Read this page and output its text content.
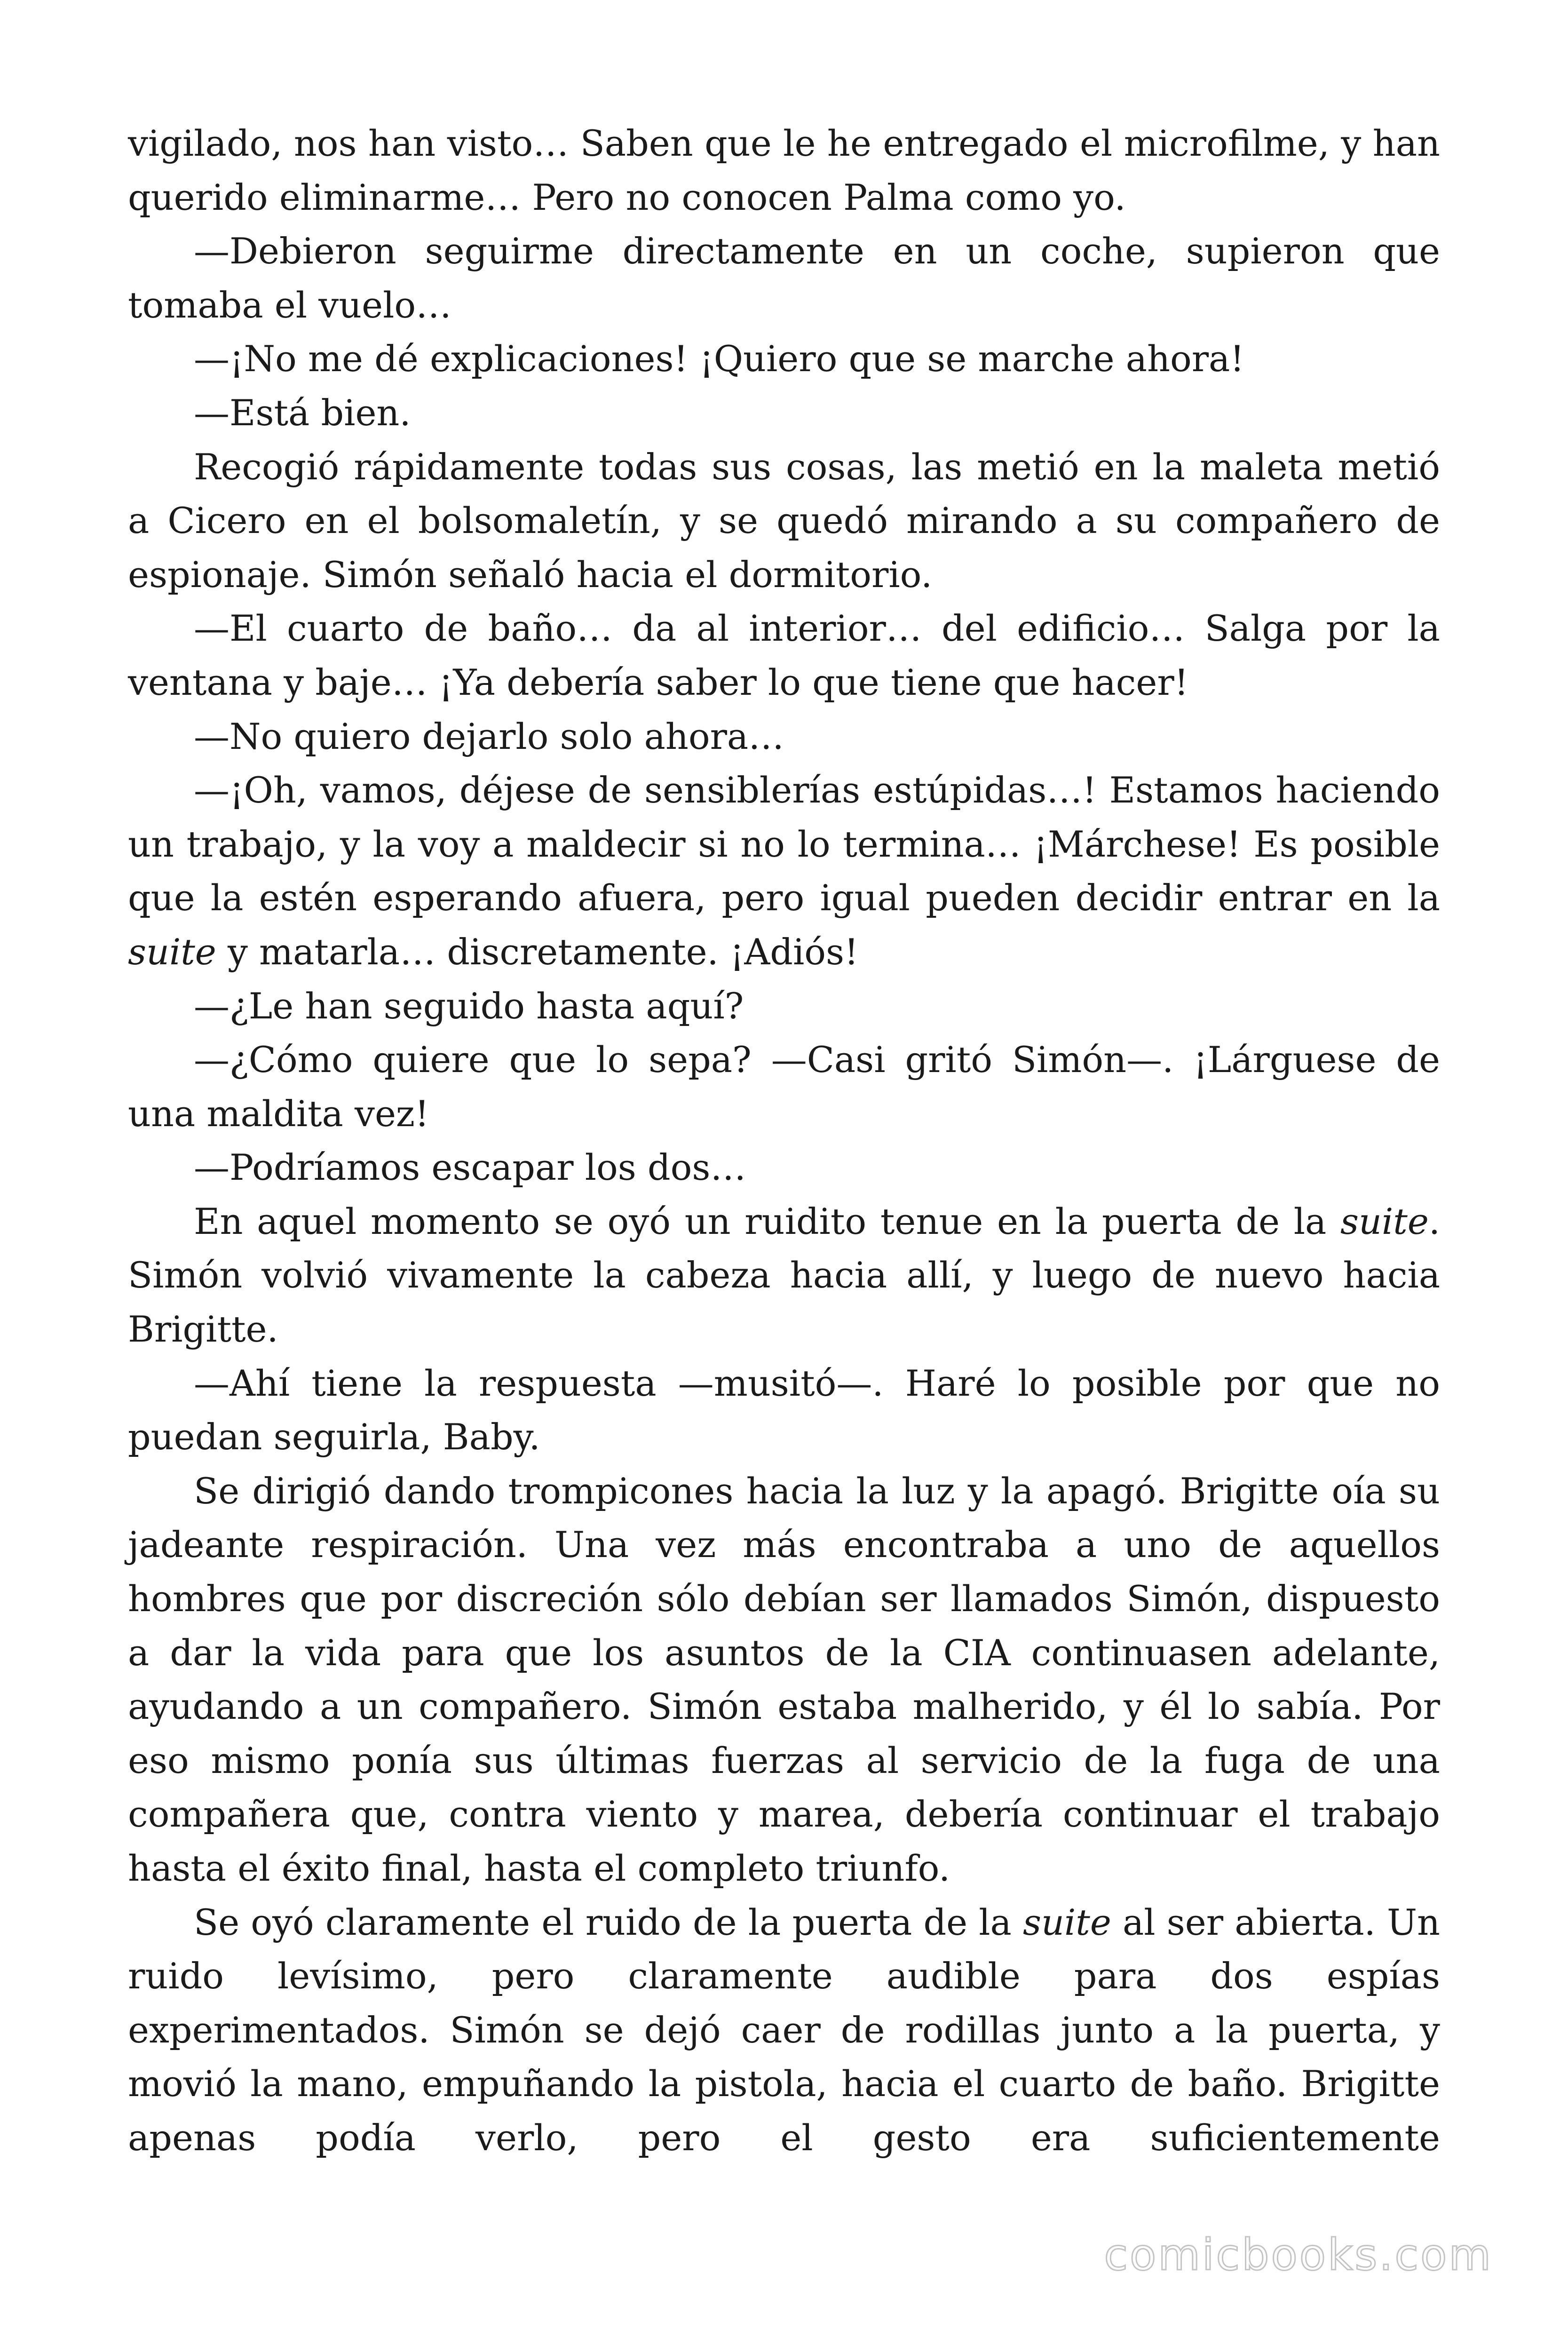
vigilado, nos han visto… Saben que le he entregado el microfilme, y han querido eliminarme… Pero no conocen Palma como yo.

—Debieron seguirme directamente en un coche, supieron que tomaba el vuelo…

—¡No me dé explicaciones! ¡Quiero que se marche ahora!

—Está bien.

Recogió rápidamente todas sus cosas, las metió en la maleta metió a Cicero en el bolsomaletín, y se quedó mirando a su compañero de espionaje. Simón señaló hacia el dormitorio.

—El cuarto de baño… da al interior… del edificio… Salga por la ventana y baje… ¡Ya debería saber lo que tiene que hacer!

—No quiero dejarlo solo ahora…

—¡Oh, vamos, déjese de sensiblerías estúpidas…! Estamos haciendo un trabajo, y la voy a maldecir si no lo termina… ¡Márchese! Es posible que la estén esperando afuera, pero igual pueden decidir entrar en la suite y matarla… discretamente. ¡Adiós!

—¿Le han seguido hasta aquí?

—¿Cómo quiere que lo sepa? —Casi gritó Simón—. ¡Lárguese de una maldita vez!

—Podríamos escapar los dos…

En aquel momento se oyó un ruidito tenue en la puerta de la suite. Simón volvió vivamente la cabeza hacia allí, y luego de nuevo hacia Brigitte.

—Ahí tiene la respuesta —musitó—. Haré lo posible por que no puedan seguirla, Baby.

Se dirigió dando trompicones hacia la luz y la apagó. Brigitte oía su jadeante respiración. Una vez más encontraba a uno de aquellos hombres que por discreción sólo debían ser llamados Simón, dispuesto a dar la vida para que los asuntos de la CIA continuasen adelante, ayudando a un compañero. Simón estaba malherido, y él lo sabía. Por eso mismo ponía sus últimas fuerzas al servicio de la fuga de una compañera que, contra viento y marea, debería continuar el trabajo hasta el éxito final, hasta el completo triunfo.

Se oyó claramente el ruido de la puerta de la suite al ser abierta. Un ruido levísimo, pero claramente audible para dos espías experimentados. Simón se dejó caer de rodillas junto a la puerta, y movió la mano, empuñando la pistola, hacia el cuarto de baño. Brigitte apenas podía verlo, pero el gesto era suficientemente

comicbooks.com
